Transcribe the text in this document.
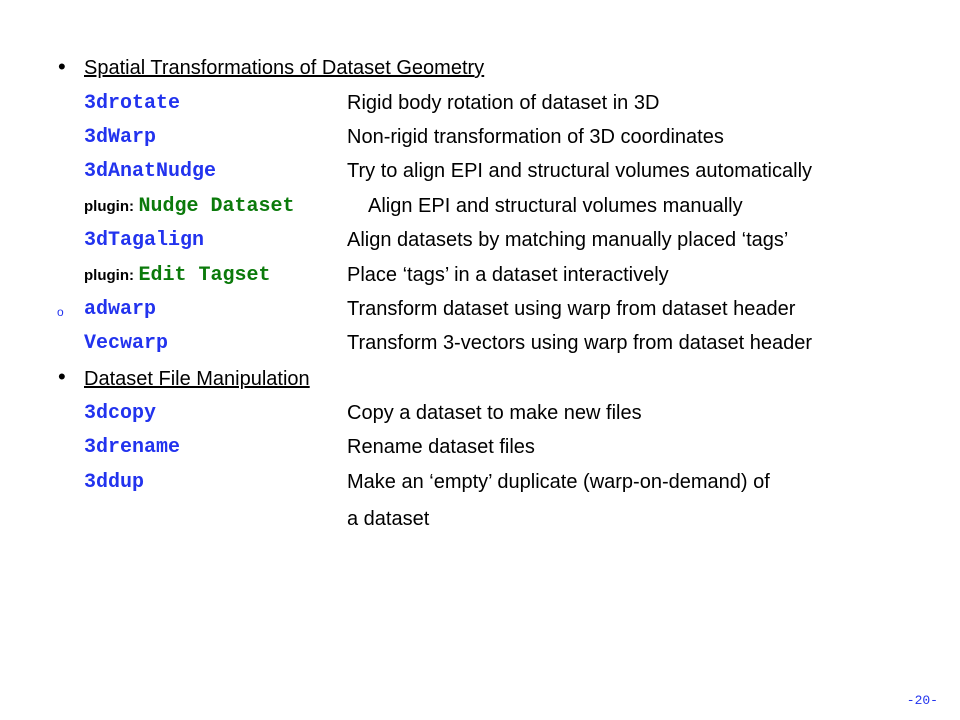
• Spatial Transformations of Dataset Geometry
3drotate	Rigid body rotation of dataset in 3D
3dWarp	Non-rigid transformation of 3D coordinates
3dAnatNudge	Try to align EPI and structural volumes automatically
plugin: Nudge Dataset	Align EPI and structural volumes manually
3dTagalign	Align datasets by matching manually placed ‘tags’
plugin: Edit Tagset	Place ‘tags’ in a dataset interactively
o adwarp	Transform dataset using warp from dataset header
Vecwarp	Transform 3-vectors using warp from dataset header
• Dataset File Manipulation
3dcopy	Copy a dataset to make new files
3drename	Rename dataset files
3ddup	Make an ‘empty’ duplicate (warp-on-demand) of
a dataset
-20-
